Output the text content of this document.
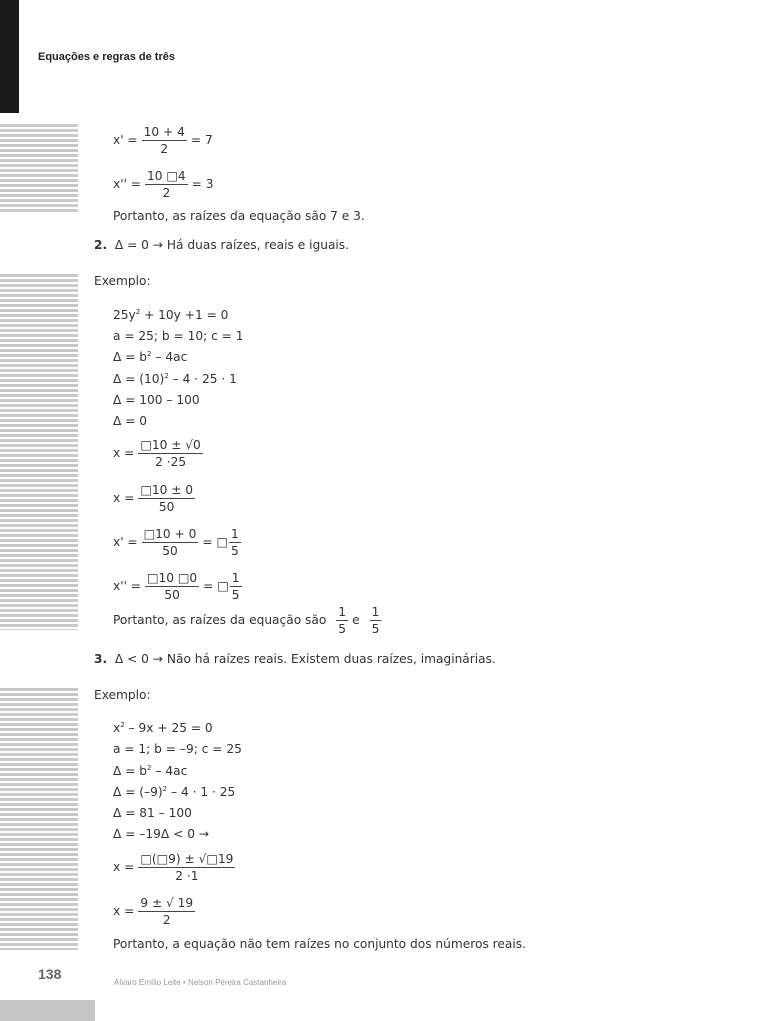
Equações e regras de três
$x' = \frac{10 + 4}{2} = 7$
$x'' = \frac{10 □4}{2} = 3$
Portanto, as raízes da equação são 7 e 3.
2. Δ = 0 → Há duas raízes, reais e iguais.
Exemplo:
$25y^2 + 10y +1 = 0$
a = 25; b = 10; c = 1
$\Delta = b^2 - 4ac$
$\Delta = (10)^2 - 4 \cdot 25 \cdot 1$
Δ = 100 – 100
Δ = 0
$x = \frac{□10 \pm √0}{2 \cdot 25}$
$x = \frac{□10 \pm 0}{50}$
$x' = \frac{□10 + 0}{50}$ = □ $\frac{1}{5}$
$x'' = \frac{□10 □0}{50}$ = □ $\frac{1}{5}$
Portanto, as raízes da equação são $\frac{1}{5}$ e $\frac{1}{5}$
3. Δ < 0 → Não há raízes reais. Existem duas raízes, imaginárias.
Exemplo:
$x^2 - 9x + 25 = 0$
a = 1; b = –9; c = 25
$\Delta = b^2 - 4ac$
$\Delta = (-9)^2 - 4 \cdot 1 \cdot 25$
Δ = 81 – 100
Δ = –19Δ < 0 →
$x = \frac{□(□9) \pm √□19}{2 \cdot 1}$
$x = \frac{9 \pm √ 19}{2}$
Portanto, a equação não tem raízes no conjunto dos números reais.
138
Álvaro Emílio Leite • Nelson Pereira Castanheira
